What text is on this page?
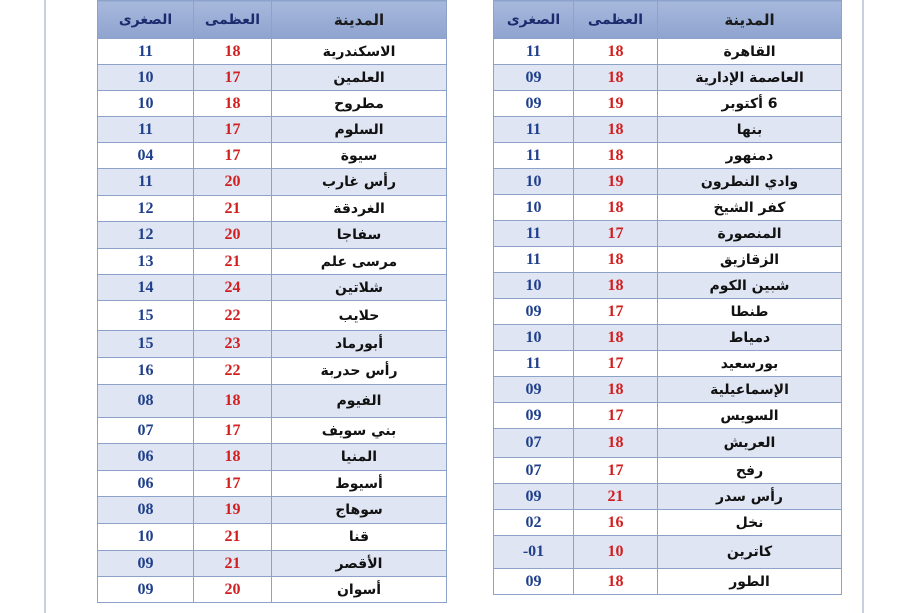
الصغرى	العظمى	المدينة
11	18	الاسكندرية
10	17	العلمين
10	18	مطروح
11	17	السلوم
04	17	سيوة
11	20	رأس غارب
12	21	الغردقة
12	20	سفاجا
13	21	مرسى علم
14	24	شلاتين
15	22	حلايب
15	23	أبورماد
16	22	رأس حدربة
08	18	الفيوم
07	17	بني سويف
06	18	المنيا
06	17	أسيوط
08	19	سوهاج
10	21	قنا
09	21	الأقصر
09	20	أسوان
الصغرى	العظمى	المدينة
11	18	القاهرة
09	18	العاصمة الإدارية
09	19	6 أكتوبر
11	18	بنها
11	18	دمنهور
10	19	وادي النطرون
10	18	كفر الشيخ
11	17	المنصورة
11	18	الزقازيق
10	18	شبين الكوم
09	17	طنطا
10	18	دمياط
11	17	بورسعيد
09	18	الإسماعيلية
09	17	السويس
07	18	العريش
07	17	رفح
09	21	رأس سدر
02	16	نخل
-01	10	كاترين
09	18	الطور
